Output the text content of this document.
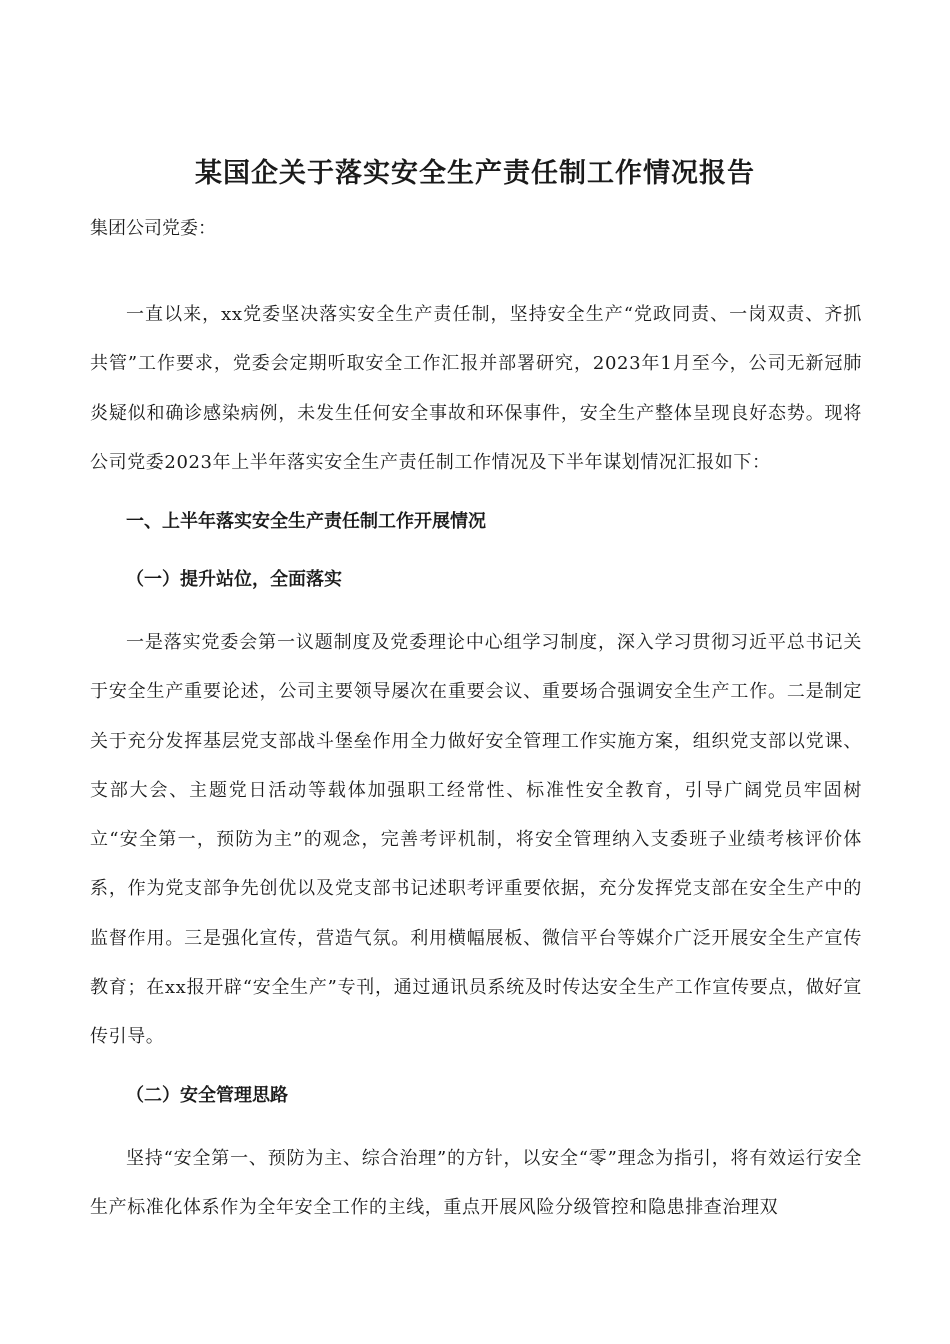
某国企关于落实安全生产责任制工作情况报告
集团公司党委：
一直以来，xx党委坚决落实安全生产责任制，坚持安全生产“党政同责、一岗双责、齐抓共管”工作要求，党委会定期听取安全工作汇报并部署研究，2023年1月至今，公司无新冠肺炎疑似和确诊感染病例，未发生任何安全事故和环保事件，安全生产整体呈现良好态势。现将公司党委2023年上半年落实安全生产责任制工作情况及下半年谋划情况汇报如下：
一、上半年落实安全生产责任制工作开展情况
（一）提升站位，全面落实
一是落实党委会第一议题制度及党委理论中心组学习制度，深入学习贯彻习近平总书记关于安全生产重要论述，公司主要领导屡次在重要会议、重要场合强调安全生产工作。二是制定关于充分发挥基层党支部战斗堡垒作用全力做好安全管理工作实施方案，组织党支部以党课、支部大会、主题党日活动等载体加强职工经常性、标准性安全教育，引导广阔党员牢固树立“安全第一，预防为主”的观念，完善考评机制，将安全管理纳入支委班子业绩考核评价体系，作为党支部争先创优以及党支部书记述职考评重要依据，充分发挥党支部在安全生产中的监督作用。三是强化宣传，营造气氛。利用横幅展板、微信平台等媒介广泛开展安全生产宣传教育；在xx报开辟“安全生产”专刊，通过通讯员系统及时传达安全生产工作宣传要点，做好宣传引导。
（二）安全管理思路
坚持“安全第一、预防为主、综合治理”的方针，以安全“零”理念为指引，将有效运行安全生产标准化体系作为全年安全工作的主线，重点开展风险分级管控和隐患排查治理双
